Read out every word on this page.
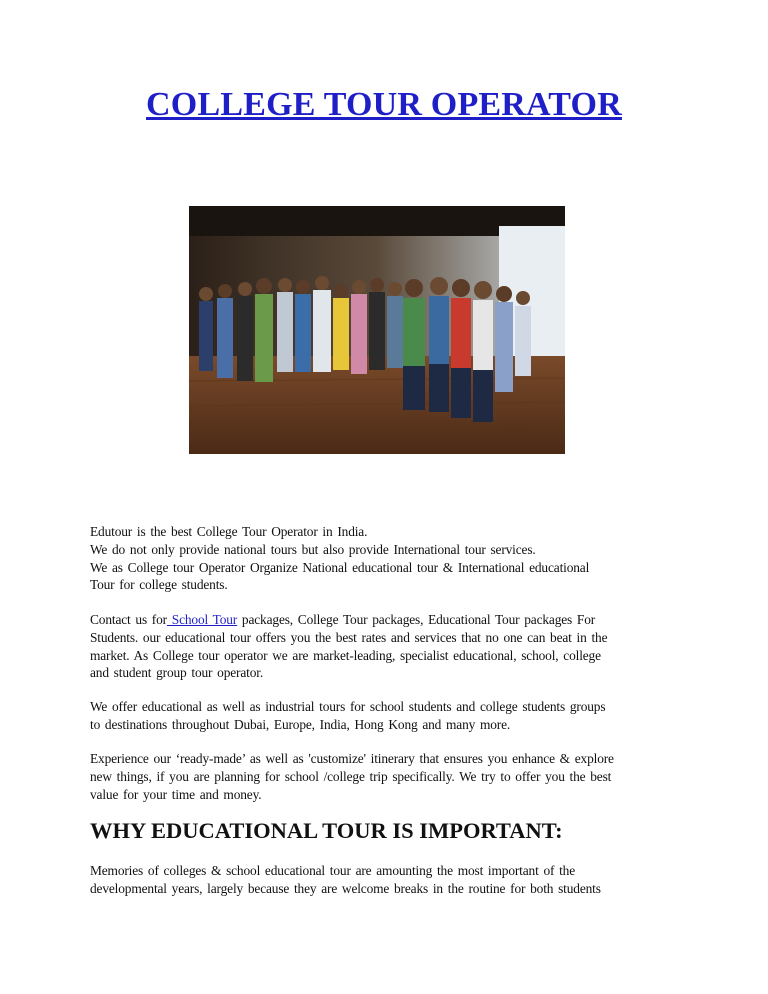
COLLEGE TOUR OPERATOR
Edutour is the best College Tour Operator in India.
We do not only provide national tours but also provide International tour services.
We as College tour Operator Organize National educational tour & International educational
Tour for college students.
Contact us for School Tour packages, College Tour packages, Educational Tour packages For
Students. our educational tour offers you the best rates and services that no one can beat in the
market. As College tour operator we are market-leading, specialist educational, school, college
and student group tour operator.
We offer educational as well as industrial tours for school students and college students groups
to destinations throughout Dubai, Europe, India, Hong Kong and many more.
Experience our ‘ready-made’ as well as 'customize' itinerary that ensures you enhance & explore
new things, if you are planning for school /college trip specifically. We try to offer you the best
value for your time and money.
WHY EDUCATIONAL TOUR IS IMPORTANT:
Memories of colleges & school educational tour are amounting the most important of the
developmental years, largely because they are welcome breaks in the routine for both students
